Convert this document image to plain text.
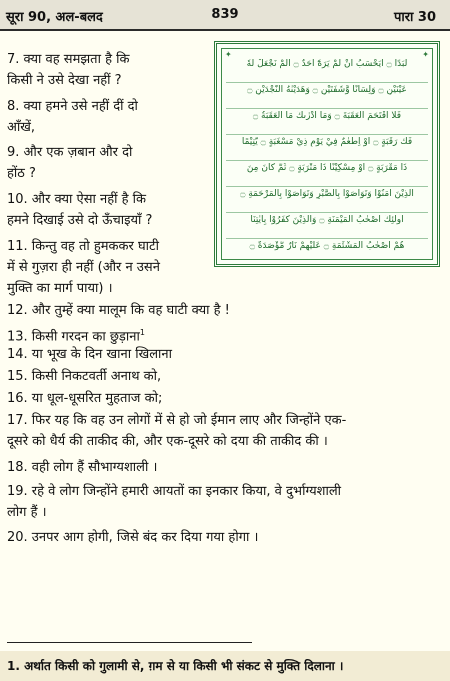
सूरा 90, अल-बलद	839	पारा 30
✦	✦
لَبَدًا ۝ اَيَحْسَبُ اَنْ لَّمْ يَرَهٗٓ اَحَدٌ ۝ اَلَمْ نَجْعَلْ لَّهٗ
عَيْنَيْنِ ۝ وَلِسَانًا وَّشَفَتَيْنِ ۝ وَهَدَيْنٰهُ النَّجْدَيْنِ ۝
فَلَا اقْتَحَمَ الْعَقَبَةَ ۝ وَمَآ اَدْرٰىكَ مَا الْعَقَبَةُ ۝
فَكُّ رَقَبَةٍ ۝ اَوْ اِطْعٰمٌ فِيْ يَوْمٍ ذِيْ مَسْغَبَةٍ ۝ يَّتِيْمًا
ذَا مَقْرَبَةٍ ۝ اَوْ مِسْكِيْنًا ذَا مَتْرَبَةٍ ۝ ثُمَّ كَانَ مِنَ
الَّذِيْنَ اٰمَنُوْا وَتَوَاصَوْا بِالصَّبْرِ وَتَوَاصَوْا بِالْمَرْحَمَةِ ۝
اُولٰٓئِكَ اَصْحٰبُ الْمَيْمَنَةِ ۝ وَالَّذِيْنَ كَفَرُوْا بِاٰيٰتِنَا
هُمْ اَصْحٰبُ الْمَشْئَمَةِ ۝ عَلَيْهِمْ نَارٌ مُّؤْصَدَةٌ ۝

7. क्या वह समझता है कि

किसी ने उसे देखा नहीं ?

8. क्या हमने उसे नहीं दीं दो

आँखें,

9. और एक ज़बान और दो

होंठ ?

10. और क्या ऐसा नहीं है कि

हमने दिखाई उसे दो ऊँचाइयाँ ?

11. किन्तु वह तो हुमककर घाटी

में से गुज़रा ही नहीं (और न उसने

मुक्ति का मार्ग पाया) ।

12. और तुम्हें क्या मालूम कि वह घाटी क्या है !

13. किसी गरदन का छुड़ाना$^1$

14. या भूख के दिन खाना खिलाना

15. किसी निकटवर्ती अनाथ को,

16. या धूल-धूसरित मुहताज को;

17. फिर यह कि वह उन लोगों में से हो जो ईमान लाए और जिन्होंने एक-

दूसरे को धैर्य की ताकीद की, और एक-दूसरे को दया की ताकीद की ।

18. वही लोग हैं सौभाग्यशाली ।

19. रहे वे लोग जिन्होंने हमारी आयतों का इनकार किया, वे दुर्भाग्यशाली

लोग हैं ।

20. उनपर आग होगी, जिसे बंद कर दिया गया होगा ।

1. अर्थात किसी को गुलामी से, ग़म से या किसी भी संकट से मुक्ति दिलाना ।
